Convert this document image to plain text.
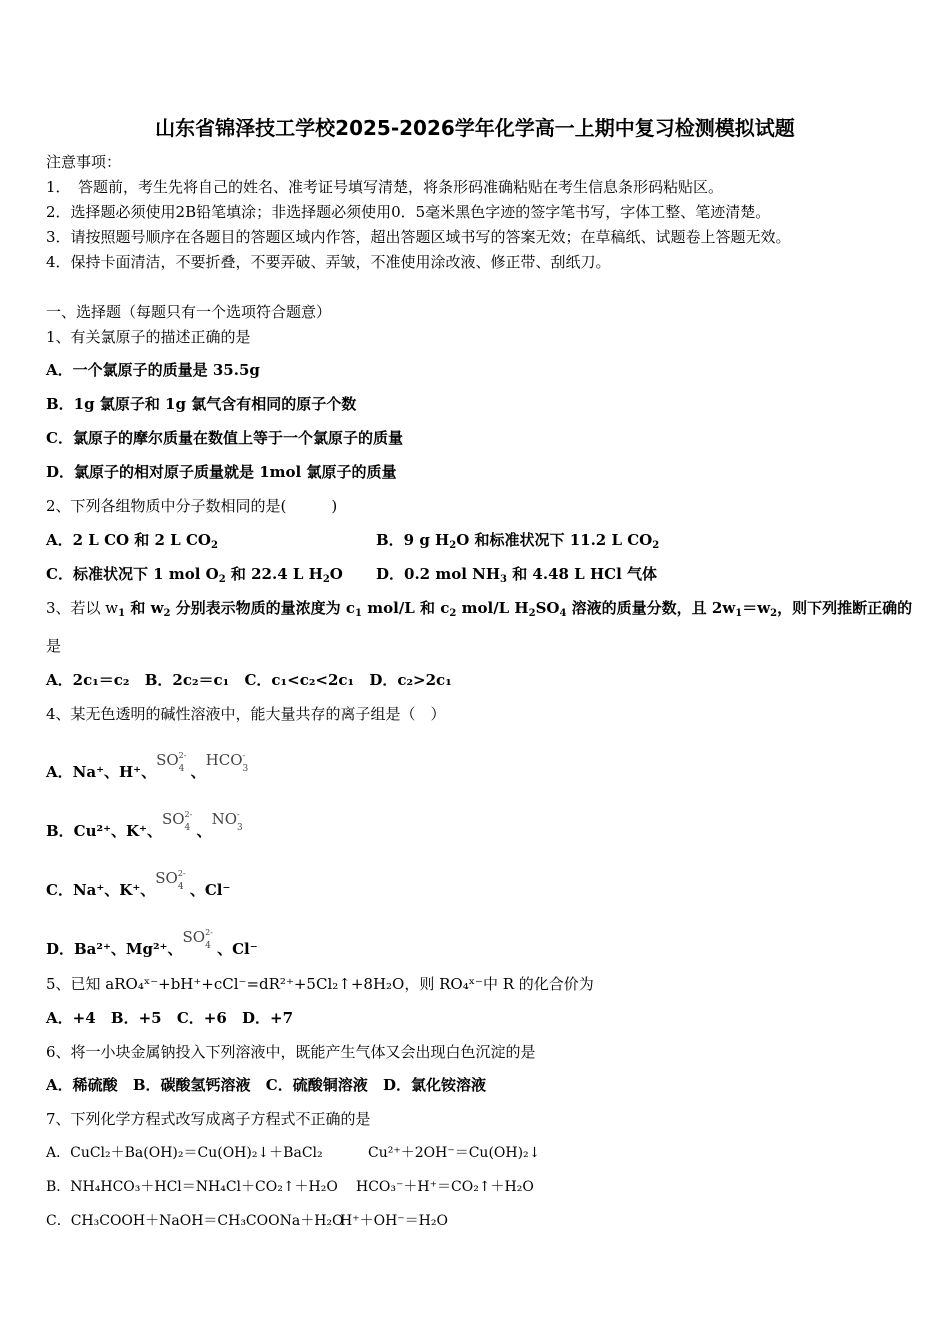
山东省锦泽技工学校2025-2026学年化学高一上期中复习检测模拟试题
注意事项：
1．　答题前，考生先将自己的姓名、准考证号填写清楚，将条形码准确粘贴在考生信息条形码粘贴区。
2．选择题必须使用2B铅笔填涂；非选择题必须使用0．5毫米黑色字迹的签字笔书写，字体工整、笔迹清楚。
3．请按照题号顺序在各题目的答题区域内作答，超出答题区域书写的答案无效；在草稿纸、试题卷上答题无效。
4．保持卡面清洁，不要折叠，不要弄破、弄皱，不准使用涂改液、修正带、刮纸刀。
一、选择题（每题只有一个选项符合题意）
1、有关氯原子的描述正确的是
A．一个氯原子的质量是 35.5g
B．1g 氯原子和 1g 氯气含有相同的原子个数
C．氯原子的摩尔质量在数值上等于一个氯原子的质量
D．氯原子的相对原子质量就是 1mol 氯原子的质量
2、下列各组物质中分子数相同的是(　　　)
A．2 L CO 和 2 L $CO_2$	B．9 g $H_2O$ 和标准状况下 11.2 L $CO_2$
C．标准状况下 1 mol $O_2$ 和 22.4 L $H_2O$ D．0.2 mol $NH_3$ 和 4.48 L HCl 气体
3、若以 $w_1$ 和 $w_2$ 分别表示物质的量浓度为 $c_1$ mol/L 和 $c_2$ mol/L $H_2SO_4$ 溶液的质量分数，且 $2w_1=w_2$，则下列推断正确的
是
A．2c₁＝c₂ B．2c₂＝c₁ C．c₁<c₂<2c₁ D．c₂>2c₁
4、某无色透明的碱性溶液中，能大量共存的离子组是（　）
A．Na⁺、H⁺、SO 2-
4 、HCO -
3
B．Cu²⁺、K⁺、SO 2-
4 、NO -
3
C．Na⁺、K⁺、SO 2-
4 、Cl⁻
D．Ba²⁺、Mg²⁺、SO 2-
4 、Cl⁻
5、已知 aRO₄ˣ⁻+bH⁺+cCl⁻=dR²⁺+5Cl₂↑+8H₂O，则 RO₄ˣ⁻中 R 的化合价为
A．+4 B．+5 C．+6 D．+7
6、将一小块金属钠投入下列溶液中，既能产生气体又会出现白色沉淀的是
A．稀硫酸 B．碳酸氢钙溶液 C．硫酸铜溶液 D．氯化铵溶液
7、下列化学方程式改写成离子方程式不正确的是
A．CuCl₂＋Ba(OH)₂＝Cu(OH)₂↓＋BaCl₂	Cu²⁺＋2OH⁻＝Cu(OH)₂↓
B．NH₄HCO₃＋HCl＝NH₄Cl＋CO₂↑＋H₂O HCO₃⁻＋H⁺＝CO₂↑＋H₂O
C．CH₃COOH＋NaOH＝CH₃COONa＋H₂O
H⁺＋OH⁻＝H₂O
